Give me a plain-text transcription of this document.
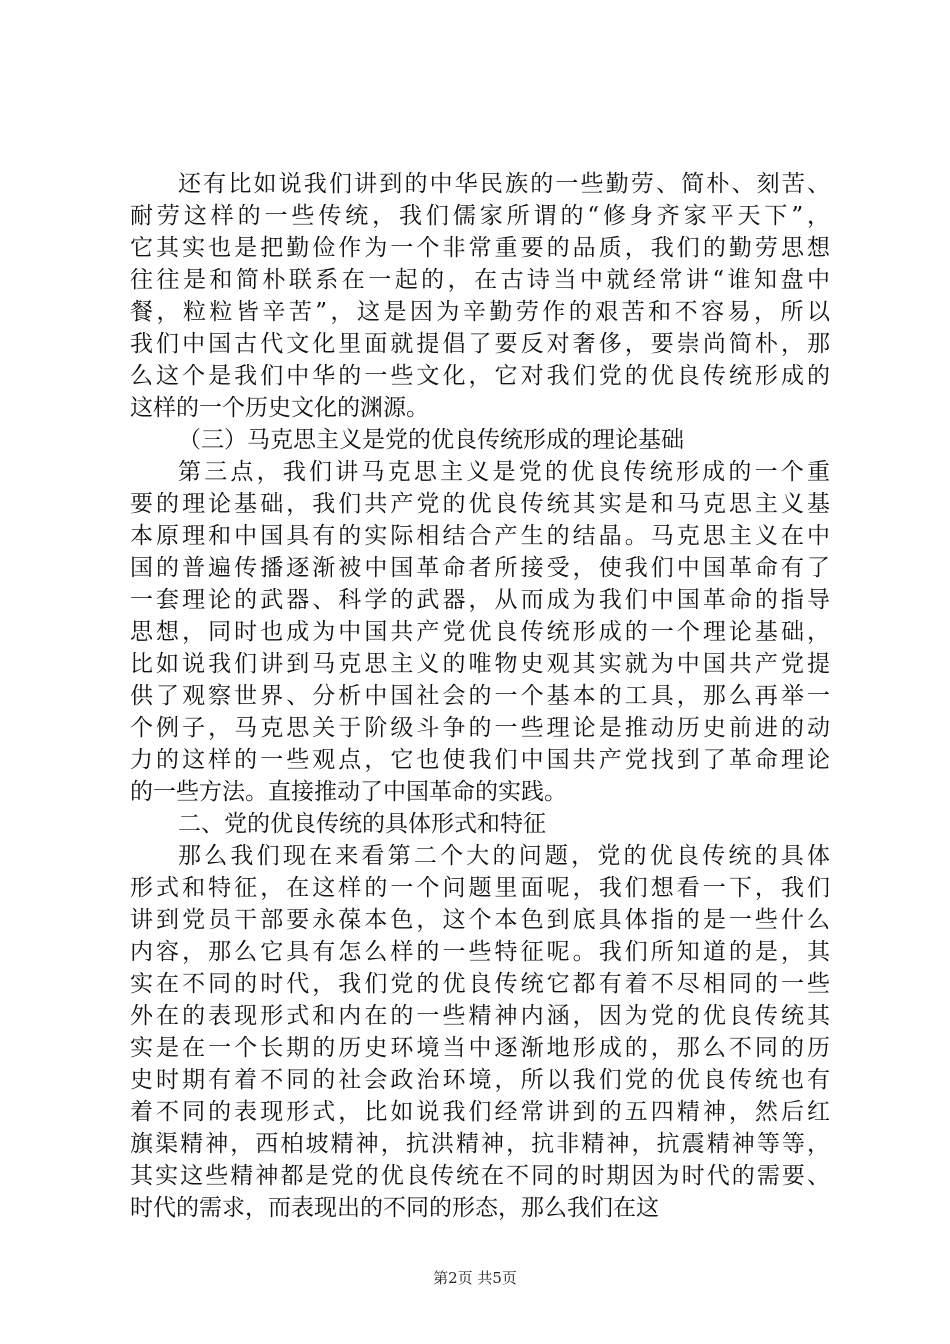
还有比如说我们讲到的中华民族的一些勤劳、简朴、刻苦、
耐劳这样的一些传统，我们儒家所谓的“修身齐家平天下”，
它其实也是把勤俭作为一个非常重要的品质，我们的勤劳思想
往往是和简朴联系在一起的，在古诗当中就经常讲“谁知盘中
餐，粒粒皆辛苦”，这是因为辛勤劳作的艰苦和不容易，所以
我们中国古代文化里面就提倡了要反对奢侈，要崇尚简朴，那
么这个是我们中华的一些文化，它对我们党的优良传统形成的
这样的一个历史文化的渊源。
（三）马克思主义是党的优良传统形成的理论基础
第三点，我们讲马克思主义是党的优良传统形成的一个重
要的理论基础，我们共产党的优良传统其实是和马克思主义基
本原理和中国具有的实际相结合产生的结晶。马克思主义在中
国的普遍传播逐渐被中国革命者所接受，使我们中国革命有了
一套理论的武器、科学的武器，从而成为我们中国革命的指导
思想，同时也成为中国共产党优良传统形成的一个理论基础，
比如说我们讲到马克思主义的唯物史观其实就为中国共产党提
供了观察世界、分析中国社会的一个基本的工具，那么再举一
个例子，马克思关于阶级斗争的一些理论是推动历史前进的动
力的这样的一些观点，它也使我们中国共产党找到了革命理论
的一些方法。直接推动了中国革命的实践。
二、党的优良传统的具体形式和特征
那么我们现在来看第二个大的问题，党的优良传统的具体
形式和特征，在这样的一个问题里面呢，我们想看一下，我们
讲到党员干部要永葆本色，这个本色到底具体指的是一些什么
内容，那么它具有怎么样的一些特征呢。我们所知道的是，其
实在不同的时代，我们党的优良传统它都有着不尽相同的一些
外在的表现形式和内在的一些精神内涵，因为党的优良传统其
实是在一个长期的历史环境当中逐渐地形成的，那么不同的历
史时期有着不同的社会政治环境，所以我们党的优良传统也有
着不同的表现形式，比如说我们经常讲到的五四精神，然后红
旗渠精神，西柏坡精神，抗洪精神，抗非精神，抗震精神等等，
其实这些精神都是党的优良传统在不同的时期因为时代的需要、
时代的需求，而表现出的不同的形态，那么我们在这
第2页 共5页
